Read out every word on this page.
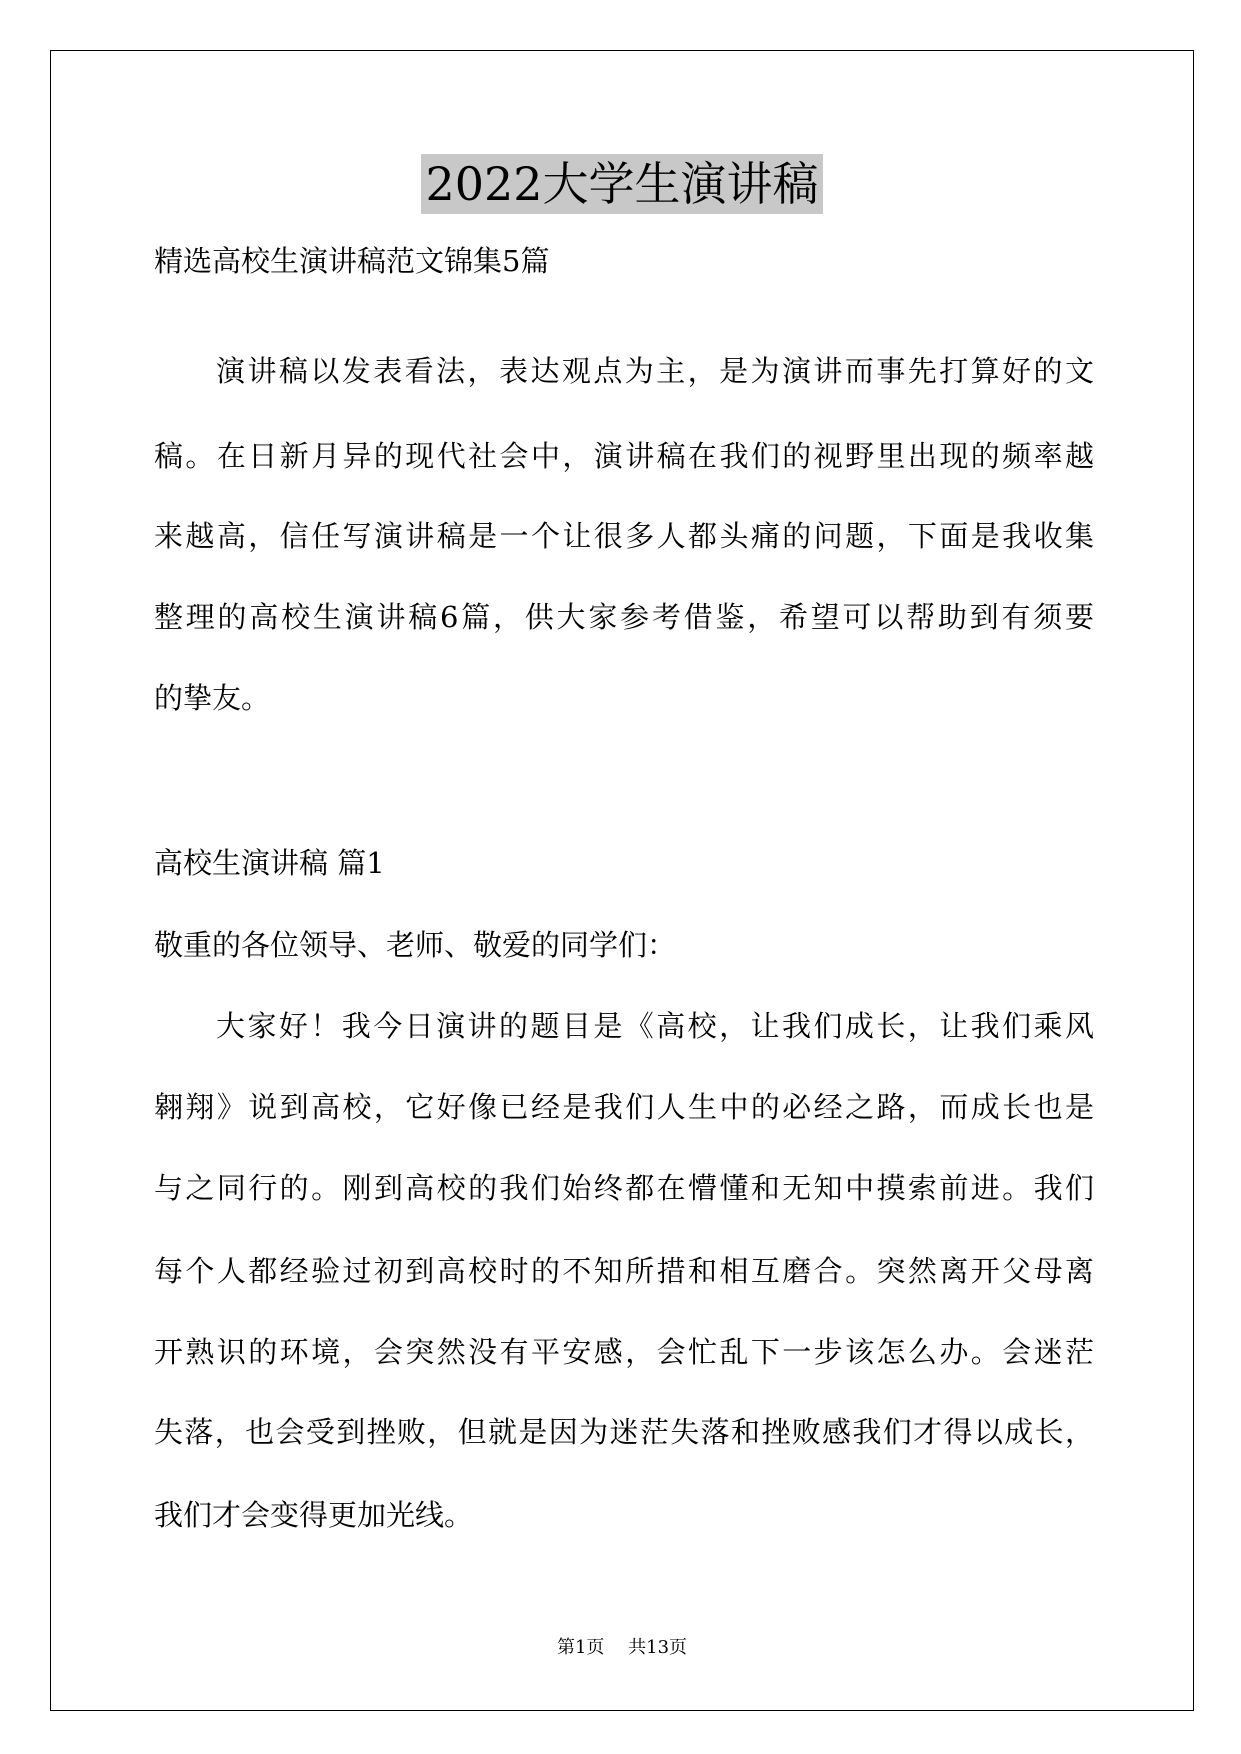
2022大学生演讲稿
精选高校生演讲稿范文锦集5篇
演讲稿以发表看法，表达观点为主，是为演讲而事先打算好的文
稿。在日新月异的现代社会中，演讲稿在我们的视野里出现的频率越
来越高，信任写演讲稿是一个让很多人都头痛的问题，下面是我收集
整理的高校生演讲稿6篇，供大家参考借鉴，希望可以帮助到有须要
的挚友。
高校生演讲稿 篇1
敬重的各位领导、老师、敬爱的同学们：
大家好！我今日演讲的题目是《高校，让我们成长，让我们乘风
翱翔》说到高校，它好像已经是我们人生中的必经之路，而成长也是
与之同行的。刚到高校的我们始终都在懵懂和无知中摸索前进。我们
每个人都经验过初到高校时的不知所措和相互磨合。突然离开父母离
开熟识的环境，会突然没有平安感，会忙乱下一步该怎么办。会迷茫
失落，也会受到挫败，但就是因为迷茫失落和挫败感我们才得以成长，
我们才会变得更加光线。
第1页 共13页
